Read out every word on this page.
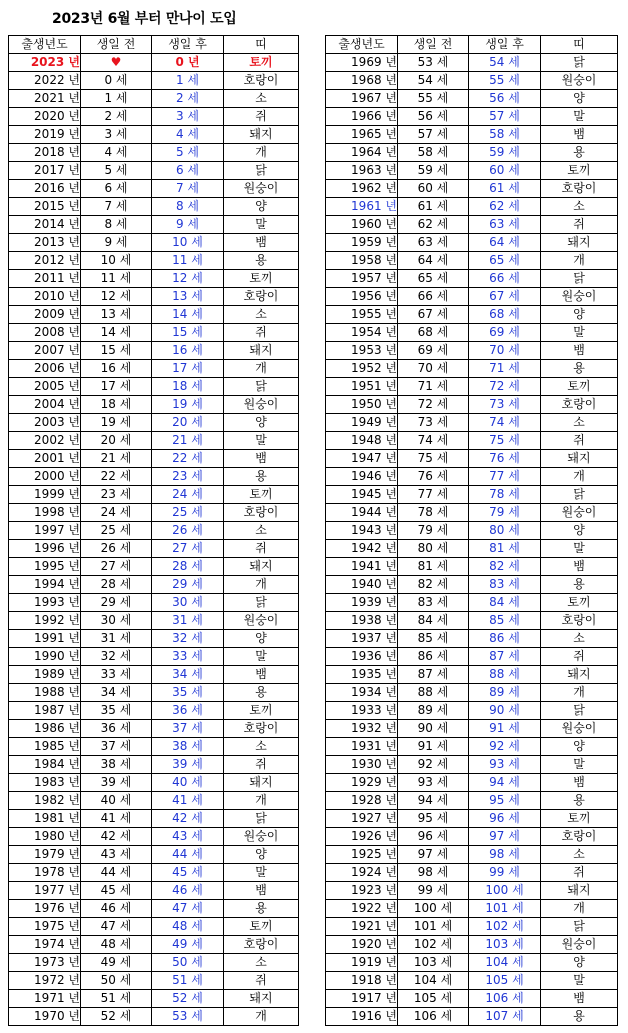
2023년 6월 부터 만나이 도입
출생년도	생일 전	생일 후	띠
2023 년	♥	0 년	토끼
2022 년	0 세	1 세	호랑이
2021 년	1 세	2 세	소
2020 년	2 세	3 세	쥐
2019 년	3 세	4 세	돼지
2018 년	4 세	5 세	개
2017 년	5 세	6 세	닭
2016 년	6 세	7 세	원숭이
2015 년	7 세	8 세	양
2014 년	8 세	9 세	말
2013 년	9 세	10 세	뱀
2012 년	10 세	11 세	용
2011 년	11 세	12 세	토끼
2010 년	12 세	13 세	호랑이
2009 년	13 세	14 세	소
2008 년	14 세	15 세	쥐
2007 년	15 세	16 세	돼지
2006 년	16 세	17 세	개
2005 년	17 세	18 세	닭
2004 년	18 세	19 세	원숭이
2003 년	19 세	20 세	양
2002 년	20 세	21 세	말
2001 년	21 세	22 세	뱀
2000 년	22 세	23 세	용
1999 년	23 세	24 세	토끼
1998 년	24 세	25 세	호랑이
1997 년	25 세	26 세	소
1996 년	26 세	27 세	쥐
1995 년	27 세	28 세	돼지
1994 년	28 세	29 세	개
1993 년	29 세	30 세	닭
1992 년	30 세	31 세	원숭이
1991 년	31 세	32 세	양
1990 년	32 세	33 세	말
1989 년	33 세	34 세	뱀
1988 년	34 세	35 세	용
1987 년	35 세	36 세	토끼
1986 년	36 세	37 세	호랑이
1985 년	37 세	38 세	소
1984 년	38 세	39 세	쥐
1983 년	39 세	40 세	돼지
1982 년	40 세	41 세	개
1981 년	41 세	42 세	닭
1980 년	42 세	43 세	원숭이
1979 년	43 세	44 세	양
1978 년	44 세	45 세	말
1977 년	45 세	46 세	뱀
1976 년	46 세	47 세	용
1975 년	47 세	48 세	토끼
1974 년	48 세	49 세	호랑이
1973 년	49 세	50 세	소
1972 년	50 세	51 세	쥐
1971 년	51 세	52 세	돼지
1970 년	52 세	53 세	개
출생년도	생일 전	생일 후	띠
1969 년	53 세	54 세	닭
1968 년	54 세	55 세	원숭이
1967 년	55 세	56 세	양
1966 년	56 세	57 세	말
1965 년	57 세	58 세	뱀
1964 년	58 세	59 세	용
1963 년	59 세	60 세	토끼
1962 년	60 세	61 세	호랑이
1961 년	61 세	62 세	소
1960 년	62 세	63 세	쥐
1959 년	63 세	64 세	돼지
1958 년	64 세	65 세	개
1957 년	65 세	66 세	닭
1956 년	66 세	67 세	원숭이
1955 년	67 세	68 세	양
1954 년	68 세	69 세	말
1953 년	69 세	70 세	뱀
1952 년	70 세	71 세	용
1951 년	71 세	72 세	토끼
1950 년	72 세	73 세	호랑이
1949 년	73 세	74 세	소
1948 년	74 세	75 세	쥐
1947 년	75 세	76 세	돼지
1946 년	76 세	77 세	개
1945 년	77 세	78 세	닭
1944 년	78 세	79 세	원숭이
1943 년	79 세	80 세	양
1942 년	80 세	81 세	말
1941 년	81 세	82 세	뱀
1940 년	82 세	83 세	용
1939 년	83 세	84 세	토끼
1938 년	84 세	85 세	호랑이
1937 년	85 세	86 세	소
1936 년	86 세	87 세	쥐
1935 년	87 세	88 세	돼지
1934 년	88 세	89 세	개
1933 년	89 세	90 세	닭
1932 년	90 세	91 세	원숭이
1931 년	91 세	92 세	양
1930 년	92 세	93 세	말
1929 년	93 세	94 세	뱀
1928 년	94 세	95 세	용
1927 년	95 세	96 세	토끼
1926 년	96 세	97 세	호랑이
1925 년	97 세	98 세	소
1924 년	98 세	99 세	쥐
1923 년	99 세	100 세	돼지
1922 년	100 세	101 세	개
1921 년	101 세	102 세	닭
1920 년	102 세	103 세	원숭이
1919 년	103 세	104 세	양
1918 년	104 세	105 세	말
1917 년	105 세	106 세	뱀
1916 년	106 세	107 세	용
